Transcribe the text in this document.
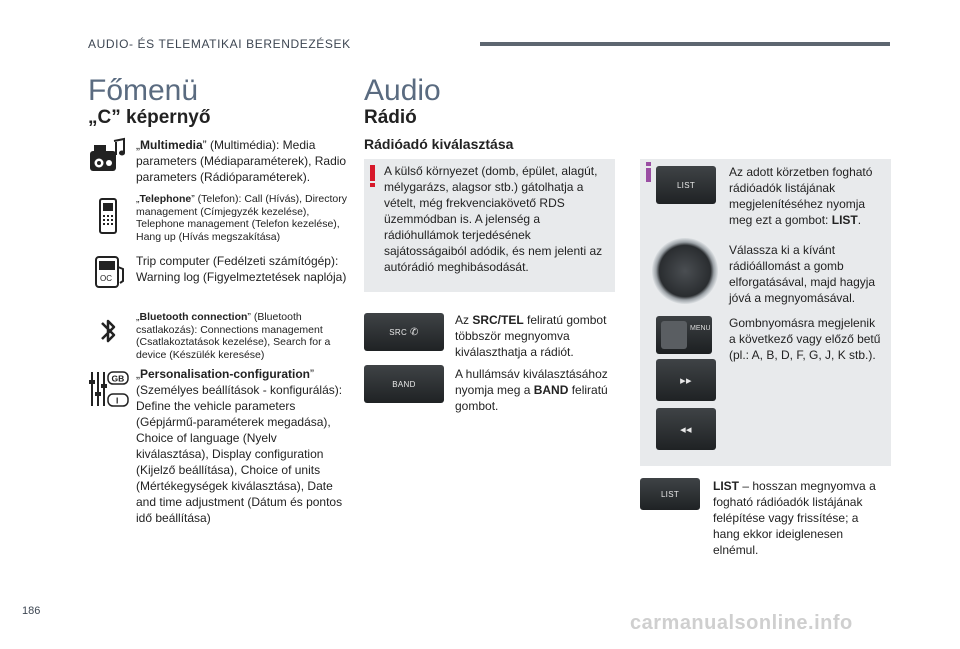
AUDIO- ÉS TELEMATIKAI BERENDEZÉSEK
Főmenü
„C” képernyő
„Multimedia” (Multimédia): Media parameters (Médiaparaméterek), Radio parameters (Rádióparaméterek).
„Telephone” (Telefon): Call (Hívás), Directory management (Címjegyzék kezelése), Telephone management (Telefon kezelése), Hang up (Hívás megszakítása)
OC
Trip computer (Fedélzeti számítógép): Warning log (Figyelmeztetések naplója)
„Bluetooth connection” (Bluetooth csatlakozás): Connections management (Csatlakoztatások kezelése), Search for a device (Készülék keresése)
GB
I
„Personalisation-configuration” (Személyes beállítások - konfigurálás): Define the vehicle parameters (Gépjármű-paraméterek megadása), Choice of language (Nyelv kiválasztása), Display configuration (Kijelző beállítása), Choice of units (Mértékegységek kiválasztása), Date and time adjustment (Dátum és pontos idő beállítása)
Audio
Rádió
Rádióadó kiválasztása
A külső környezet (domb, épület, alagút, mélygarázs, alagsor stb.) gátolhatja a vételt, még frekvenciakövető RDS üzemmódban is. A jelenség a rádióhullámok terjedésének sajátosságaiból adódik, és nem jelenti az autórádió meghibásodását.
SRC ✆
Az SRC/TEL feliratú gombot többször megnyomva kiválaszthatja a rádiót.
BAND
A hullámsáv kiválasztásához nyomja meg a BAND feliratú gombot.
LIST
Az adott körzetben fogható rádióadók listájának megjelenítéséhez nyomja meg ezt a gombot: LIST.
Válassza ki a kívánt rádióállomást a gomb elforgatásával, majd hagyja jóvá a megnyomásával.
MENU Gombnyomásra megjelenik a következő vagy előző betű (pl.: A, B, D, F, G, J, K stb.).
▸▸
◂◂
LIST
LIST – hosszan megnyomva a fogható rádióadók listájának felépítése vagy frissítése; a hang ekkor ideiglenesen elnémul.
186
carmanualsonline.info
